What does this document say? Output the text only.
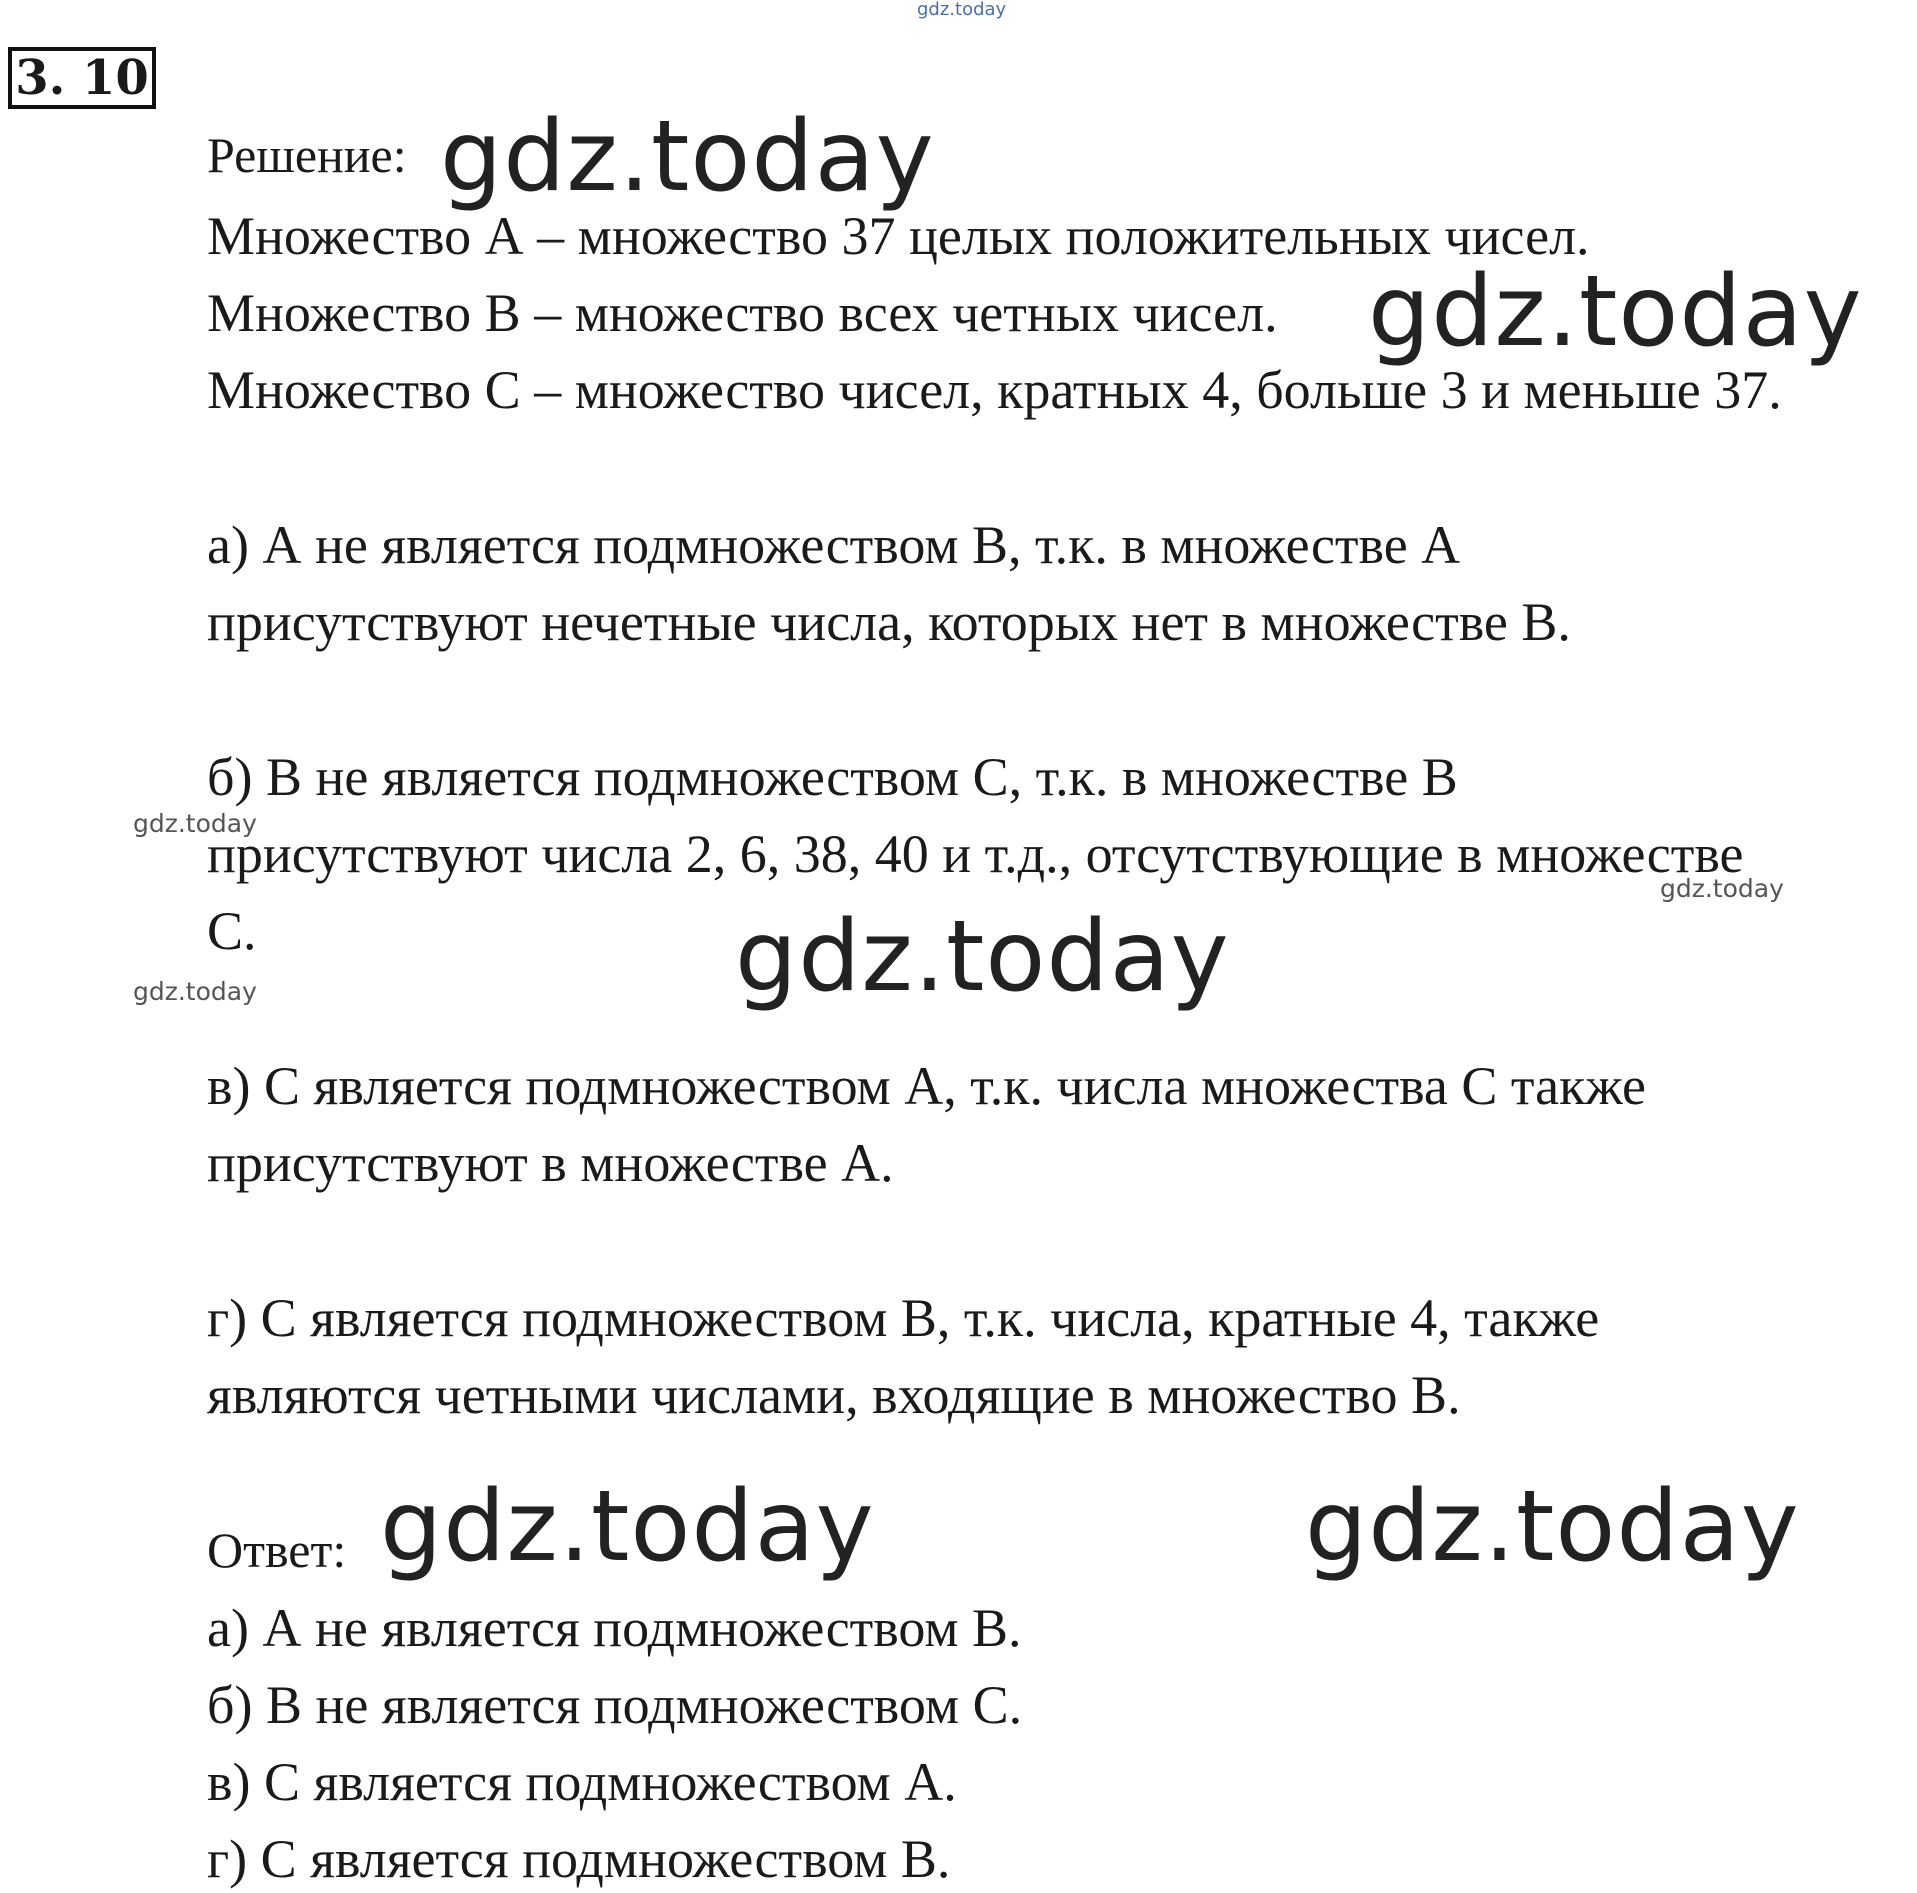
gdz.today
3. 10
Решение: gdz.today
Множество А – множество 37 целых положительных чисел.
Множество В – множество всех четных чисел. gdz.today
Множество С – множество чисел, кратных 4, больше 3 и меньше 37.
а) А не является подмножеством В, т.к. в множестве А
присутствуют нечетные числа, которых нет в множестве В.
б) В не является подмножеством С, т.к. в множестве В
gdz.today
присутствуют числа 2, 6, 38, 40 и т.д., отсутствующие в множестве
gdz.today
С.	gdz.today
gdz.today
в) С является подмножеством А, т.к. числа множества С также
присутствуют в множестве А.
г) С является подмножеством В, т.к. числа, кратные 4, также
являются четными числами, входящие в множество В.
Ответ: gdz.today	gdz.today
а) А не является подмножеством В.
б) В не является подмножеством С.
в) С является подмножеством А.
г) С является подмножеством В.
